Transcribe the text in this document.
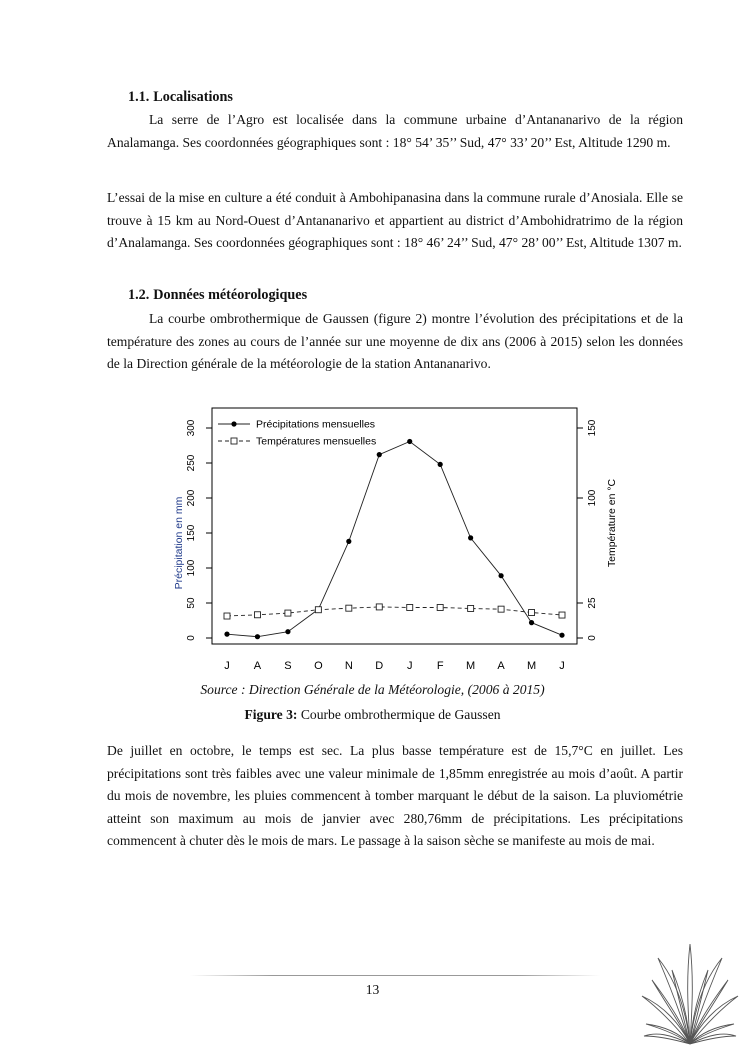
1.1. Localisations

La serre de l’Agro est localisée dans la commune urbaine d’Antananarivo de la région Analamanga. Ses coordonnées géographiques sont : 18° 54’ 35’’ Sud, 47° 33’ 20’’ Est, Altitude 1290 m.

L’essai de la mise en culture a été conduit à Ambohipanasina dans la commune rurale d’Anosiala. Elle se trouve à 15 km au Nord-Ouest d’Antananarivo et appartient au district d’Ambohidratrimo de la région d’Analamanga. Ses coordonnées géographiques sont : 18° 46’ 24’’ Sud, 47° 28’ 00’’ Est, Altitude 1307 m.

1.2. Données météorologiques

La courbe ombrothermique de Gaussen (figure 2) montre l’évolution des précipitations et de la température des zones au cours de l’année sur une moyenne de dix ans (2006 à 2015) selon les données de la Direction générale de la météorologie de la station Antananarivo.

0
50
100
150
200
250
300
Précipitation en mm
0
25
100
150
Température en °C
J A S O N D J F M A M J
Précipitations mensuelles
Températures mensuelles
Source : Direction Générale de la Météorologie, (2006 à 2015)
Figure 3: Courbe ombrothermique de Gaussen

De juillet en octobre, le temps est sec. La plus basse température est de 15,7°C en juillet. Les précipitations sont très faibles avec une valeur minimale de 1,85mm enregistrée au mois d’août. A partir du mois de novembre, les pluies commencent à tomber marquant le début de la saison. La pluviométrie atteint son maximum au mois de janvier avec 280,76mm de précipitations. Les précipitations commencent à chuter dès le mois de mars. Le passage à la saison sèche se manifeste au mois de mai.

13
